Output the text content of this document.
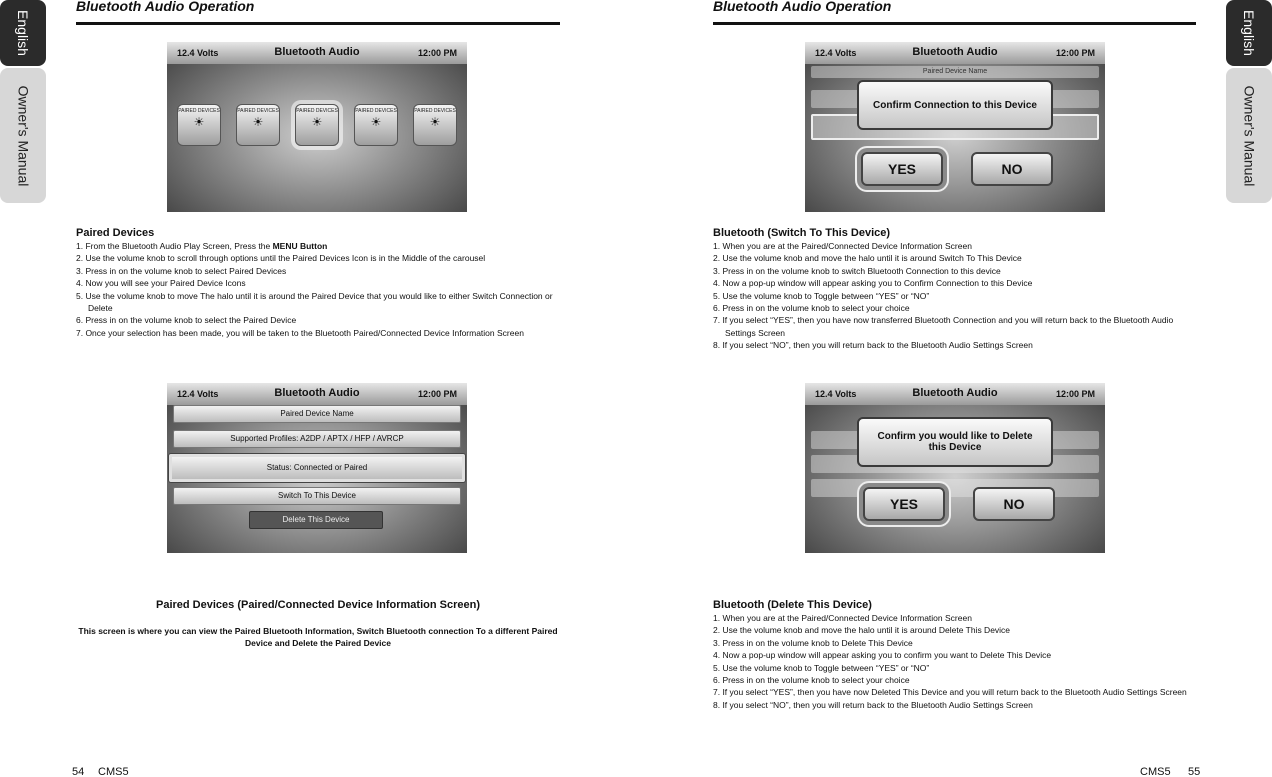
English
Owner's Manual
Bluetooth Audio Operation
12.4 Volts	Bluetooth Audio	12:00 PM
PAIRED DEVICES
☀
PAIRED DEVICES
☀
PAIRED DEVICES
☀
PAIRED DEVICES
☀
PAIRED DEVICES
☀
Paired Devices
1. From the Bluetooth Audio Play Screen, Press the MENU Button
2. Use the volume knob to scroll through options until the Paired Devices Icon is in the Middle of the carousel
3. Press in on the volume knob to select Paired Devices
4. Now you will see your Paired Device Icons
5. Use the volume knob to move The halo until it is around the Paired Device that you would like to either Switch Connection or Delete
6. Press in on the volume knob to select the Paired Device
7. Once your selection has been made, you will be taken to the Bluetooth Paired/Connected Device Information Screen
12.4 Volts	Bluetooth Audio	12:00 PM
Paired Device Name
Supported Profiles: A2DP / APTX / HFP / AVRCP
Status: Connected or Paired
Switch To This Device
Delete This Device
Paired Devices (Paired/Connected Device Information Screen)
This screen is where you can view the Paired Bluetooth Information, Switch Bluetooth connection To a different Paired Device and Delete the Paired Device
54 CMS5
English
Owner's Manual
Bluetooth Audio Operation
12.4 Volts	Bluetooth Audio	12:00 PM
Paired Device Name
Confirm Connection to this Device
YES	NO
Bluetooth (Switch To This Device)
1. When you are at the Paired/Connected Device Information Screen
2. Use the volume knob and move the halo until it is around Switch To This Device
3. Press in on the volume knob to switch Bluetooth Connection to this device
4. Now a pop-up window will appear asking you to Confirm Connection to this Device
5. Use the volume knob to Toggle between “YES” or “NO”
6. Press in on the volume knob to select your choice
7. If you select “YES”, then you have now transferred Bluetooth Connection and you will return back to the Bluetooth Audio Settings Screen
8. If you select “NO”, then you will return back to the Bluetooth Audio Settings Screen
12.4 Volts	Bluetooth Audio	12:00 PM
Confirm you would like to Delete this Device
YES	NO
Bluetooth (Delete This Device)
1. When you are at the Paired/Connected Device Information Screen
2. Use the volume knob and move the halo until it is around Delete This Device
3. Press in on the volume knob to Delete This Device
4. Now a pop-up window will appear asking you to confirm you want to Delete This Device
5. Use the volume knob to Toggle between “YES” or “NO”
6. Press in on the volume knob to select your choice
7. If you select “YES”, then you have now Deleted This Device and you will return back to the Bluetooth Audio Settings Screen
8. If you select “NO”, then you will return back to the Bluetooth Audio Settings Screen
CMS5 55
